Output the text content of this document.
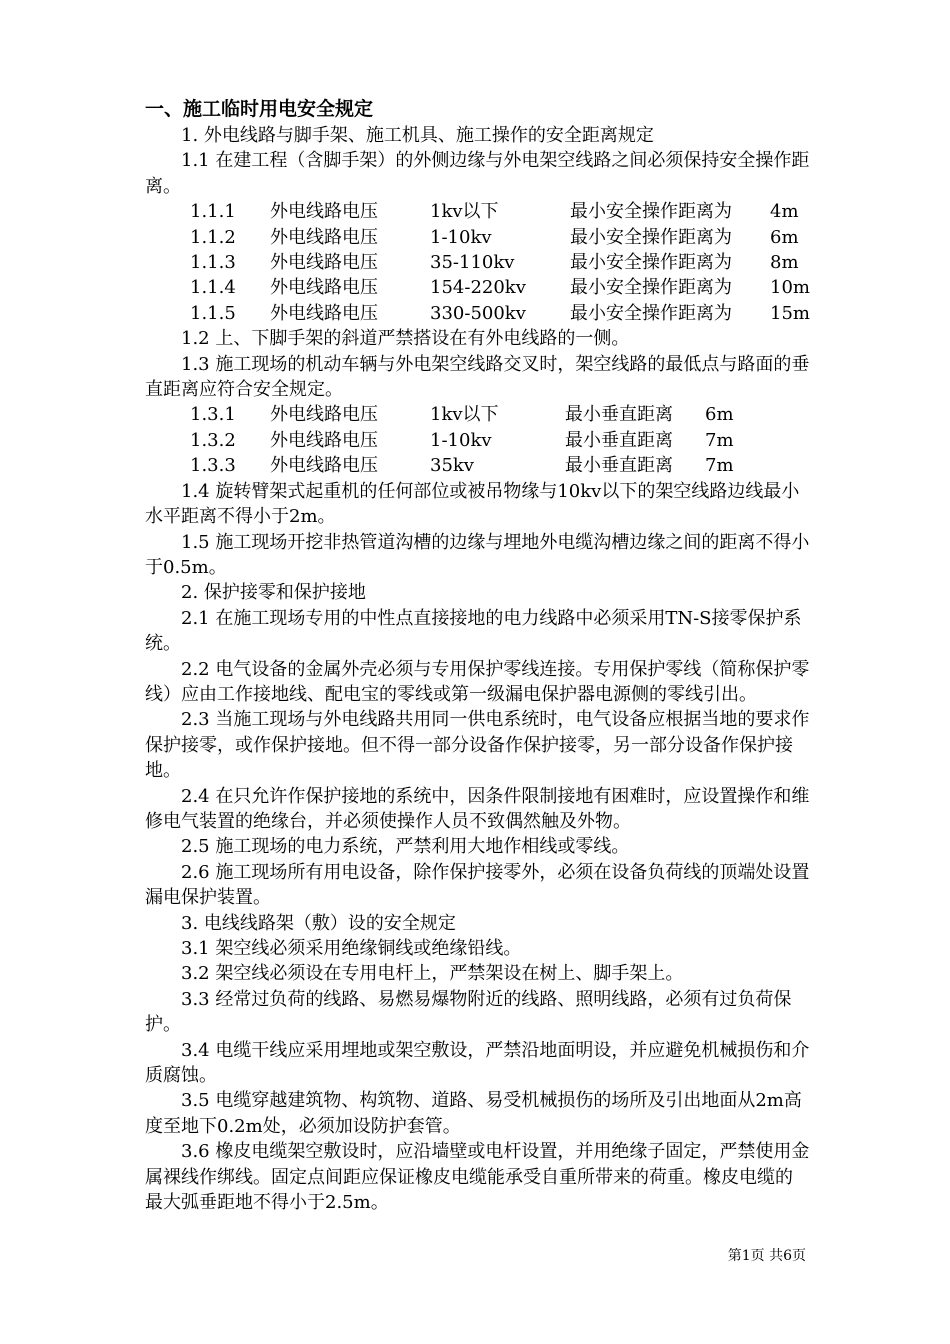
一、施工临时用电安全规定

1. 外电线路与脚手架、施工机具、施工操作的安全距离规定

1.1 在建工程（含脚手架）的外侧边缘与外电架空线路之间必须保持安全操作距离。

1.1.1	外电线路电压	1kv以下	最小安全操作距离为	4m
1.1.2	外电线路电压	1-10kv	最小安全操作距离为	6m
1.1.3	外电线路电压	35-110kv	最小安全操作距离为	8m
1.1.4	外电线路电压	154-220kv	最小安全操作距离为	10m
1.1.5	外电线路电压	330-500kv	最小安全操作距离为	15m

1.2 上、下脚手架的斜道严禁搭设在有外电线路的一侧。

1.3 施工现场的机动车辆与外电架空线路交叉时，架空线路的最低点与路面的垂直距离应符合安全规定。

1.3.1	外电线路电压	1kv以下	最小垂直距离	6m
1.3.2	外电线路电压	1-10kv	最小垂直距离	7m
1.3.3	外电线路电压	35kv	最小垂直距离	7m

1.4 旋转臂架式起重机的任何部位或被吊物缘与10kv以下的架空线路边线最小水平距离不得小于2m。

1.5 施工现场开挖非热管道沟槽的边缘与埋地外电缆沟槽边缘之间的距离不得小于0.5m。

2. 保护接零和保护接地

2.1 在施工现场专用的中性点直接接地的电力线路中必须采用TN-S接零保护系统。

2.2 电气设备的金属外壳必须与专用保护零线连接。专用保护零线（简称保护零线）应由工作接地线、配电宝的零线或第一级漏电保护器电源侧的零线引出。

2.3 当施工现场与外电线路共用同一供电系统时，电气设备应根据当地的要求作保护接零，或作保护接地。但不得一部分设备作保护接零，另一部分设备作保护接地。

2.4 在只允许作保护接地的系统中，因条件限制接地有困难时，应设置操作和维修电气装置的绝缘台，并必须使操作人员不致偶然触及外物。

2.5 施工现场的电力系统，严禁利用大地作相线或零线。

2.6 施工现场所有用电设备，除作保护接零外，必须在设备负荷线的顶端处设置漏电保护装置。

3. 电线线路架（敷）设的安全规定

3.1 架空线必须采用绝缘铜线或绝缘铅线。

3.2 架空线必须设在专用电杆上，严禁架设在树上、脚手架上。

3.3 经常过负荷的线路、易燃易爆物附近的线路、照明线路，必须有过负荷保护。

3.4 电缆干线应采用埋地或架空敷设，严禁沿地面明设，并应避免机械损伤和介质腐蚀。

3.5 电缆穿越建筑物、构筑物、道路、易受机械损伤的场所及引出地面从2m高度至地下0.2m处，必须加设防护套管。

3.6 橡皮电缆架空敷设时，应沿墙壁或电杆设置，并用绝缘子固定，严禁使用金属裸线作绑线。固定点间距应保证橡皮电缆能承受自重所带来的荷重。橡皮电缆的最大弧垂距地不得小于2.5m。

第1页 共6页
